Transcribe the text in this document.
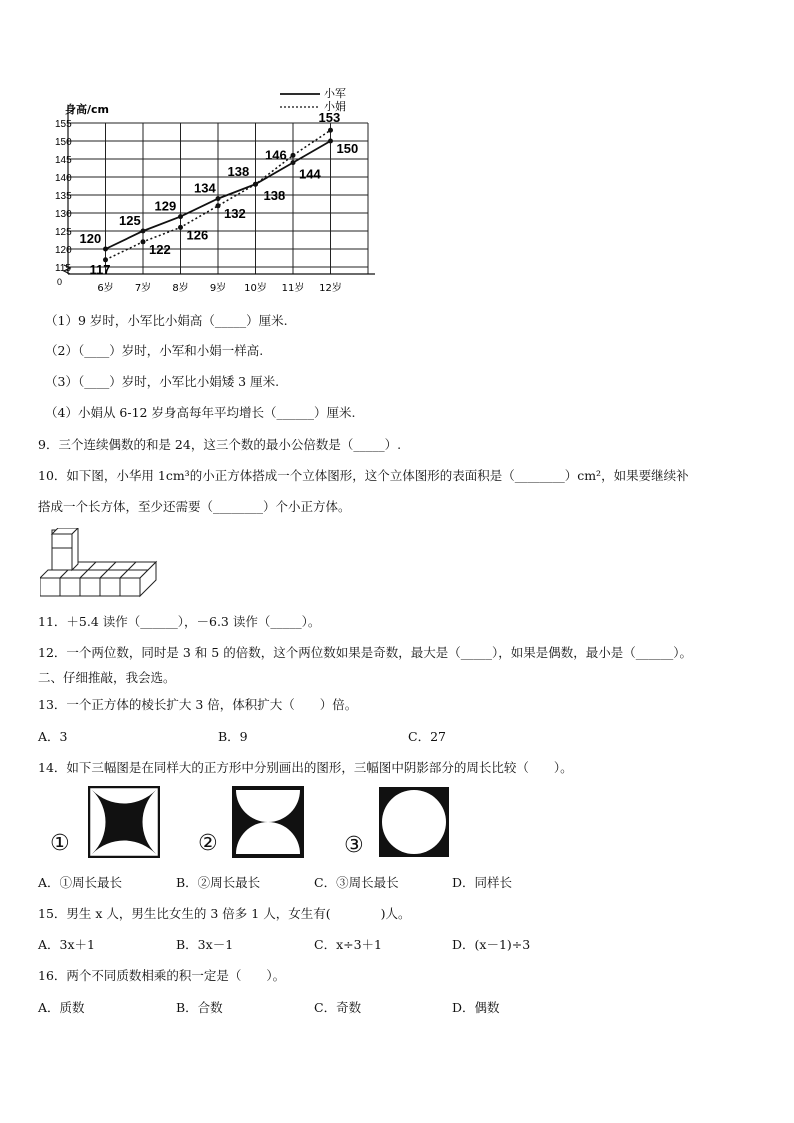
115
120
125
130
135
140
145
150
155
0
身高/cm
6岁 7岁 8岁 9岁 10岁 11岁 12岁
小军
小娟
120
125
129
134
138	144
150
117
122
126
132
138
146
153
（1）9 岁时，小军比小娟高（_____）厘米.
（2）（____）岁时，小军和小娟一样高.
（3）（____）岁时，小军比小娟矮 3 厘米.
（4）小娟从 6-12 岁身高每年平均增长（______）厘米.
9．三个连续偶数的和是 24，这三个数的最小公倍数是（_____）.
10．如下图，小华用 1cm³的小正方体搭成一个立体图形，这个立体图形的表面积是（________）cm²，如果要继续补
搭成一个长方体，至少还需要（________）个小正方体。
11．＋5.4 读作（______），－6.3 读作（_____）。
12．一个两位数，同时是 3 和 5 的倍数，这个两位数如果是奇数，最大是（_____），如果是偶数，最小是（______）。
二、仔细推敲，我会选。
13．一个正方体的棱长扩大 3 倍，体积扩大（　　）倍。
A．3	B．9	C．27
14．如下三幅图是在同样大的正方形中分别画出的图形，三幅图中阴影部分的周长比较（　　）。
①	②	③
A．①周长最长	B．②周长最长	C．③周长最长	D．同样长
15．男生 x 人，男生比女生的 3 倍多 1 人，女生有(　　　　)人。
A．3x＋1	B．3x－1	C．x÷3＋1	D．(x－1)÷3
16．两个不同质数相乘的积一定是（　　）。
A．质数	B．合数	C．奇数	D．偶数
